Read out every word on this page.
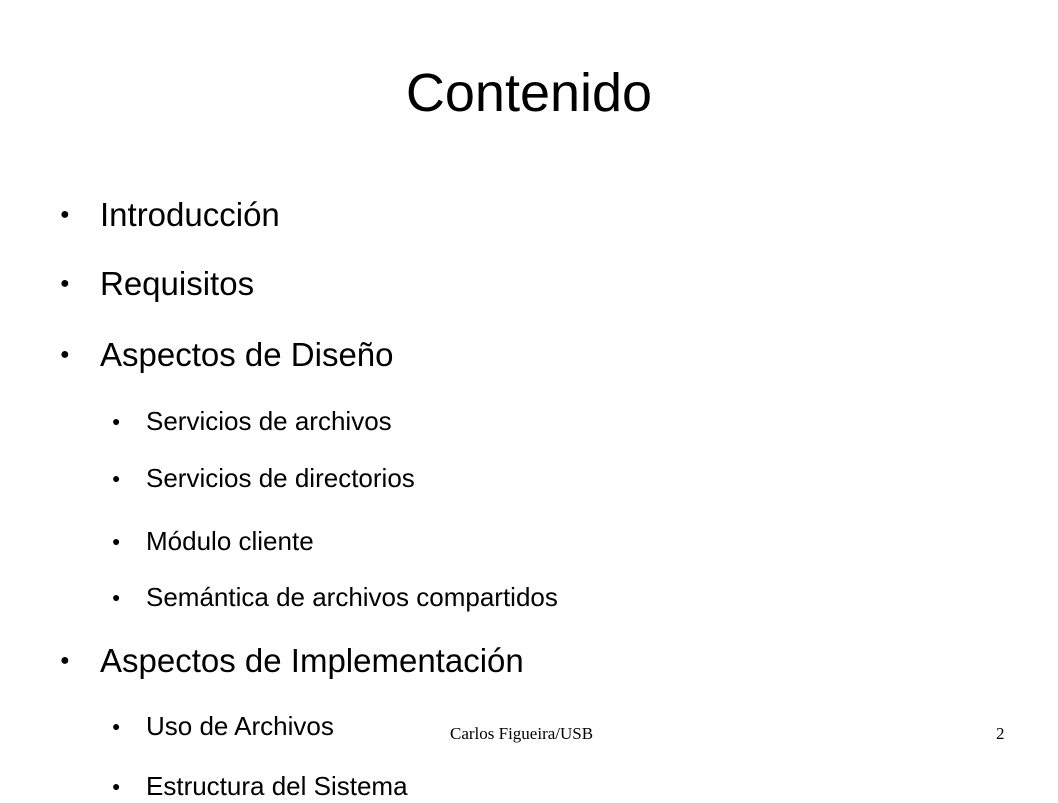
Contenido
● Introducción
● Requisitos
● Aspectos de Diseño
● Servicios de archivos
● Servicios de directorios
● Módulo cliente
● Semántica de archivos compartidos
● Aspectos de Implementación
● Uso de Archivos
● Estructura del Sistema
Carlos Figueira/USB	2
